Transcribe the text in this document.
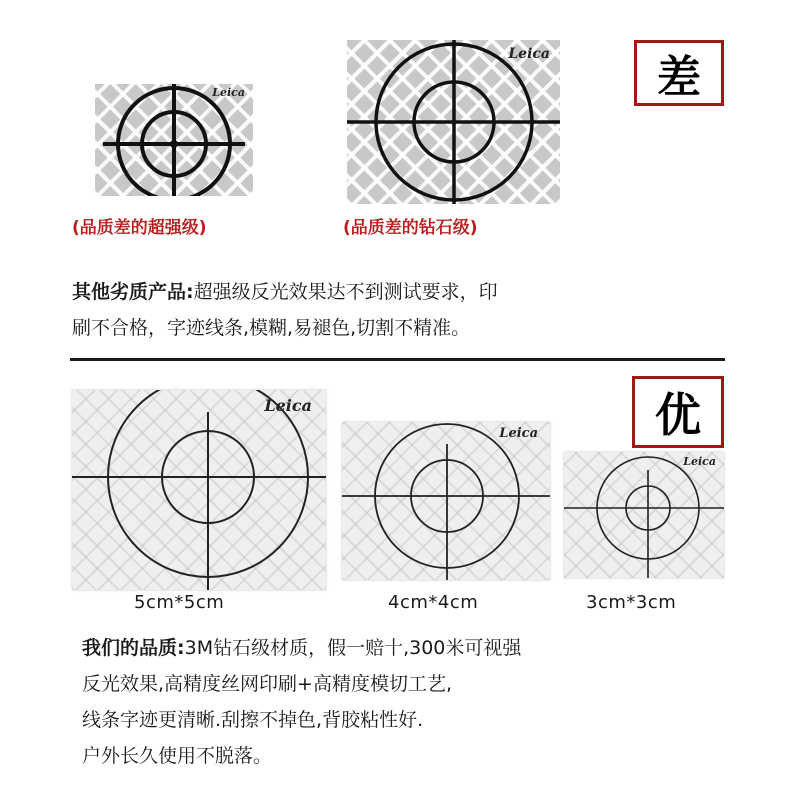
Leica
Leica 差
(品质差的超强级)	(品质差的钻石级)
其他劣质产品:超强级反光效果达不到测试要求，印
刷不合格，字迹线条,模糊,易褪色,切割不精准。
优
Leica
Leica
Leica
5cm*5cm	4cm*4cm	3cm*3cm
我们的品质:3M钻石级材质，假一赔十,300米可视强
反光效果,高精度丝网印刷+高精度模切工艺,
线条字迹更清晰.刮擦不掉色,背胶粘性好.
户外长久使用不脱落。
